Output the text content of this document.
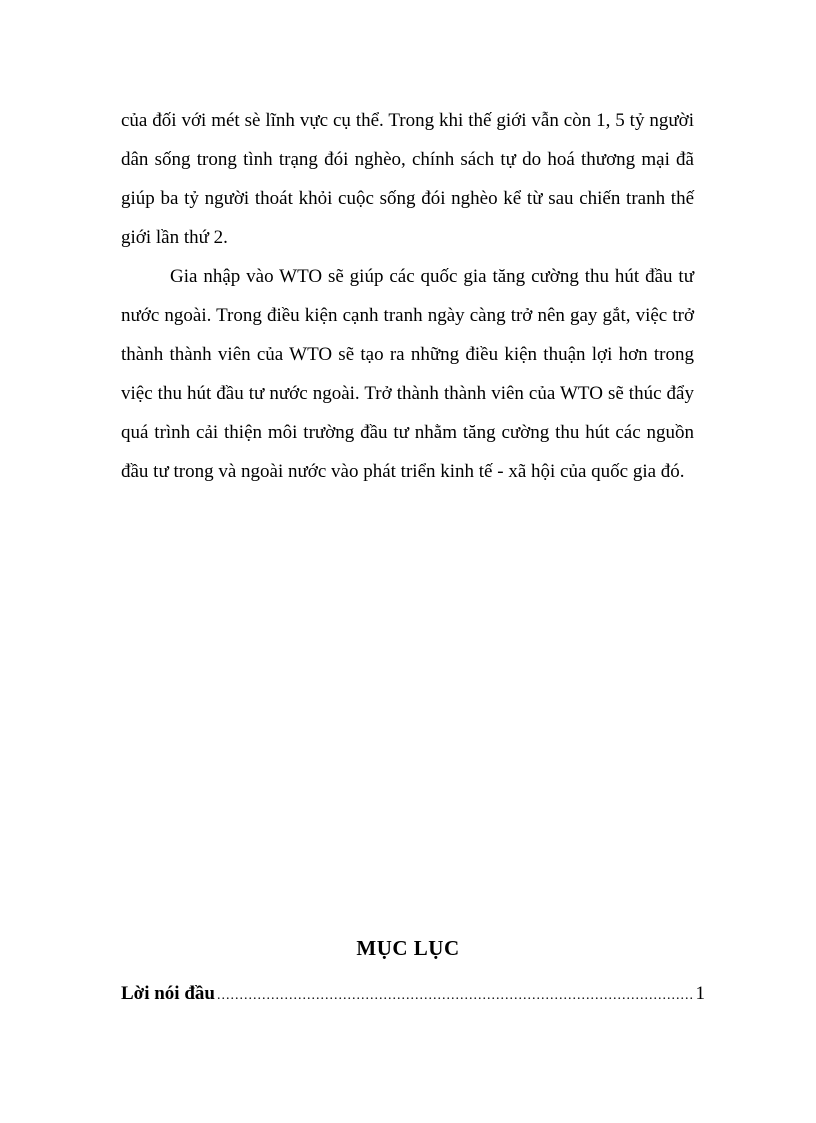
của đối với mét sè lĩnh vực cụ thể. Trong khi thế giới vẫn còn 1, 5 tỷ người dân sống trong tình trạng đói nghèo, chính sách tự do hoá thương mại đã giúp ba tỷ người thoát khỏi cuộc sống đói nghèo kể từ sau chiến tranh thế giới lần thứ 2.

Gia nhập vào WTO sẽ giúp các quốc gia tăng cường thu hút đầu tư nước ngoài. Trong điều kiện cạnh tranh ngày càng trở nên gay gắt, việc trở thành thành viên của WTO sẽ tạo ra những điều kiện thuận lợi hơn trong việc thu hút đầu tư nước ngoài. Trở thành thành viên của WTO sẽ thúc đẩy quá trình cải thiện môi trường đầu tư nhằm tăng cường thu hút các nguồn đầu tư trong và ngoài nước vào phát triển kinh tế - xã hội của quốc gia đó.

MỤC LỤC
Lời nói đầu
.....	1
